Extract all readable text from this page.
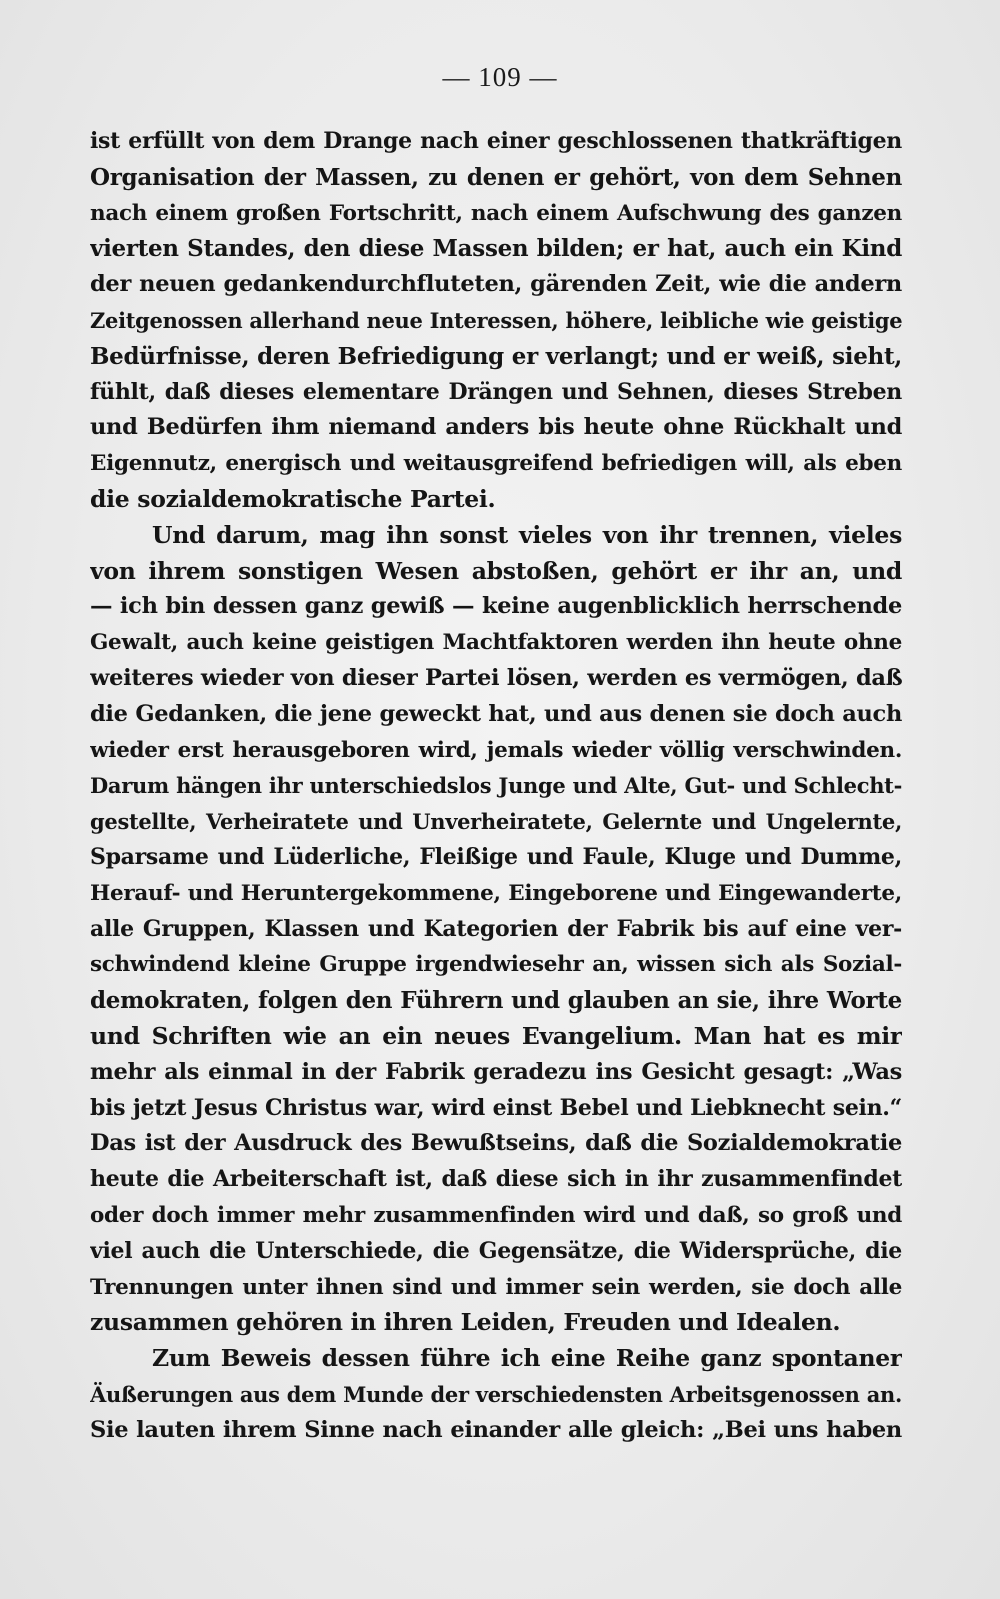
— 109 —
ist erfüllt von dem Drange nach einer geschlossenen thatkräftigen
Organisation der Massen, zu denen er gehört, von dem Sehnen
nach einem großen Fortschritt, nach einem Aufschwung des ganzen
vierten Standes, den diese Massen bilden; er hat, auch ein Kind
der neuen gedankendurchfluteten, gärenden Zeit, wie die andern
Zeitgenossen allerhand neue Interessen, höhere, leibliche wie geistige
Bedürfnisse, deren Befriedigung er verlangt; und er weiß, sieht,
fühlt, daß dieses elementare Drängen und Sehnen, dieses Streben
und Bedürfen ihm niemand anders bis heute ohne Rückhalt und
Eigennutz, energisch und weitausgreifend befriedigen will, als eben
die sozialdemokratische Partei.
Und darum, mag ihn sonst vieles von ihr trennen, vieles
von ihrem sonstigen Wesen abstoßen, gehört er ihr an, und
— ich bin dessen ganz gewiß — keine augenblicklich herrschende
Gewalt, auch keine geistigen Machtfaktoren werden ihn heute ohne
weiteres wieder von dieser Partei lösen, werden es vermögen, daß
die Gedanken, die jene geweckt hat, und aus denen sie doch auch
wieder erst herausgeboren wird, jemals wieder völlig verschwinden.
Darum hängen ihr unterschiedslos Junge und Alte, Gut- und Schlecht-
gestellte, Verheiratete und Unverheiratete, Gelernte und Ungelernte,
Sparsame und Lüderliche, Fleißige und Faule, Kluge und Dumme,
Herauf- und Heruntergekommene, Eingeborene und Eingewanderte,
alle Gruppen, Klassen und Kategorien der Fabrik bis auf eine ver-
schwindend kleine Gruppe irgendwiesehr an, wissen sich als Sozial-
demokraten, folgen den Führern und glauben an sie, ihre Worte
und Schriften wie an ein neues Evangelium. Man hat es mir
mehr als einmal in der Fabrik geradezu ins Gesicht gesagt: „Was
bis jetzt Jesus Christus war, wird einst Bebel und Liebknecht sein.“
Das ist der Ausdruck des Bewußtseins, daß die Sozialdemokratie
heute die Arbeiterschaft ist, daß diese sich in ihr zusammenfindet
oder doch immer mehr zusammenfinden wird und daß, so groß und
viel auch die Unterschiede, die Gegensätze, die Widersprüche, die
Trennungen unter ihnen sind und immer sein werden, sie doch alle
zusammen gehören in ihren Leiden, Freuden und Idealen.
Zum Beweis dessen führe ich eine Reihe ganz spontaner
Äußerungen aus dem Munde der verschiedensten Arbeitsgenossen an.
Sie lauten ihrem Sinne nach einander alle gleich: „Bei uns haben
